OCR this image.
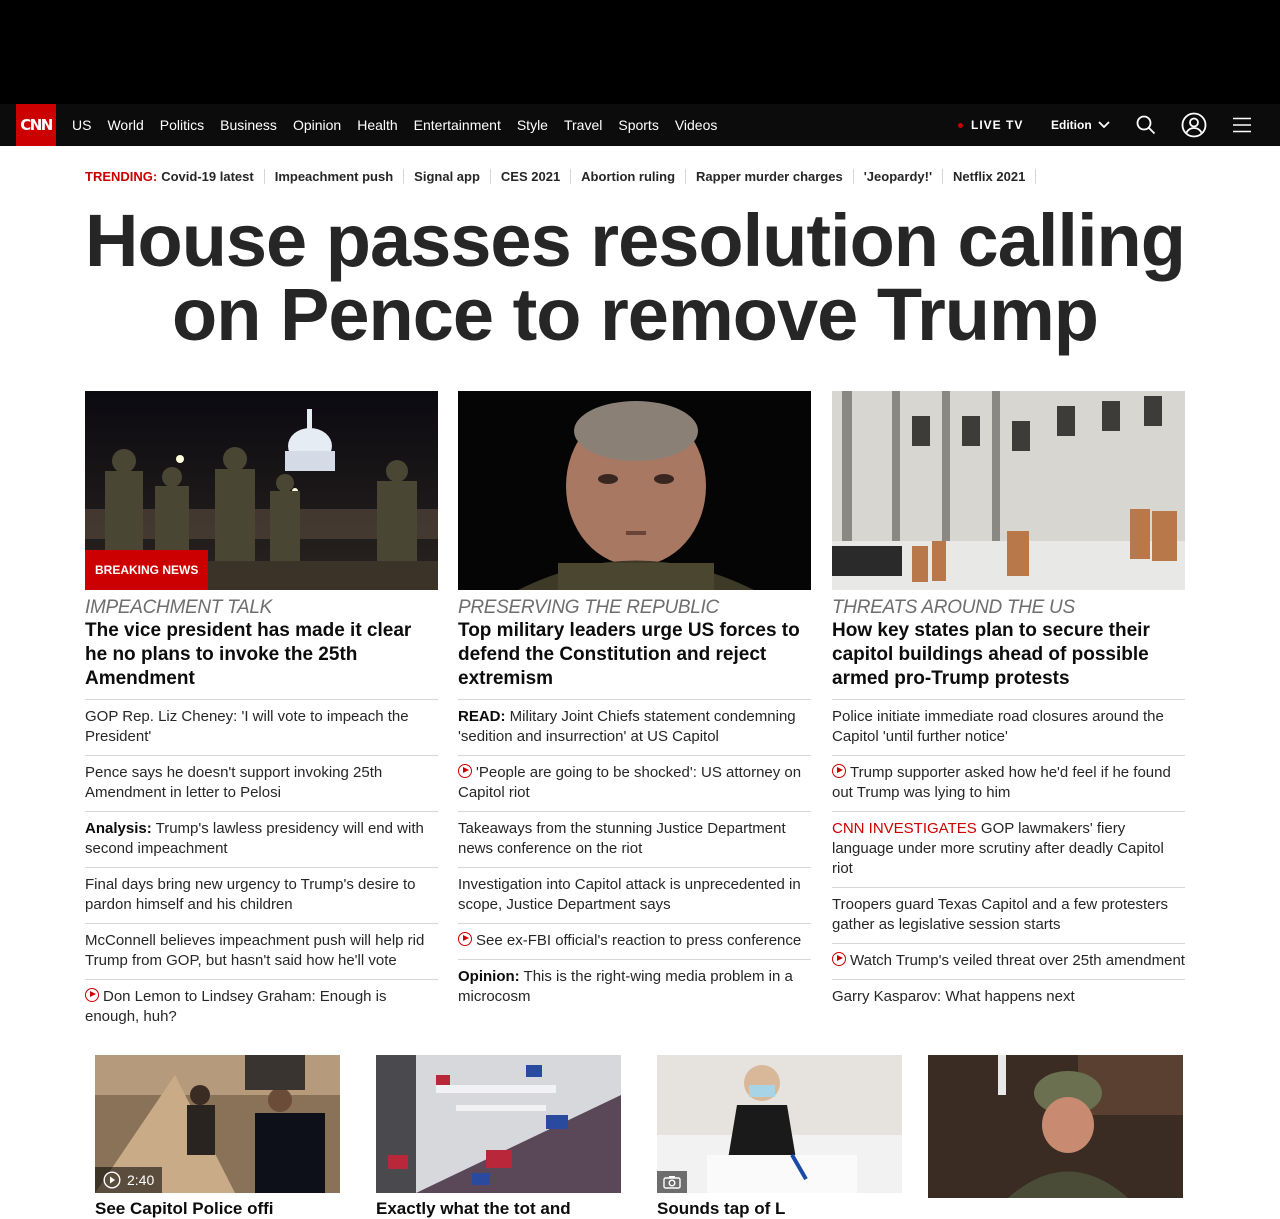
CNN US World Politics Business Opinion Health Entertainment Style Travel Sports Videos	LIVE TV Edition
TRENDING: Covid-19 latest	Impeachment push	Signal app	CES 2021	Abortion ruling	Rapper murder charges	'Jeopardy!'	Netflix 2021
House passes resolution calling on Pence to remove Trump
BREAKING NEWS
IMPEACHMENT TALK
The vice president has made it clear he no plans to invoke the 25th Amendment
GOP Rep. Liz Cheney: 'I will vote to impeach the President'
Pence says he doesn't support invoking 25th Amendment in letter to Pelosi
Analysis: Trump's lawless presidency will end with second impeachment
Final days bring new urgency to Trump's desire to pardon himself and his children
McConnell believes impeachment push will help rid Trump from GOP, but hasn't said how he'll vote
Don Lemon to Lindsey Graham: Enough is enough, huh?
PRESERVING THE REPUBLIC
Top military leaders urge US forces to defend the Constitution and reject extremism
READ: Military Joint Chiefs statement condemning 'sedition and insurrection' at US Capitol
'People are going to be shocked': US attorney on Capitol riot
Takeaways from the stunning Justice Department news conference on the riot
Investigation into Capitol attack is unprecedented in scope, Justice Department says
See ex-FBI official's reaction to press conference
Opinion: This is the right-wing media problem in a microcosm
THREATS AROUND THE US
How key states plan to secure their capitol buildings ahead of possible armed pro-Trump protests
Police initiate immediate road closures around the Capitol 'until further notice'
Trump supporter asked how he'd feel if he found out Trump was lying to him
CNN INVESTIGATES GOP lawmakers' fiery language under more scrutiny after deadly Capitol riot
Troopers guard Texas Capitol and a few protesters gather as legislative session starts
Watch Trump's veiled threat over 25th amendment
Garry Kasparov: What happens next
2:40
See Capitol Police offi	Exactly what the tot and	Sounds tap of L
